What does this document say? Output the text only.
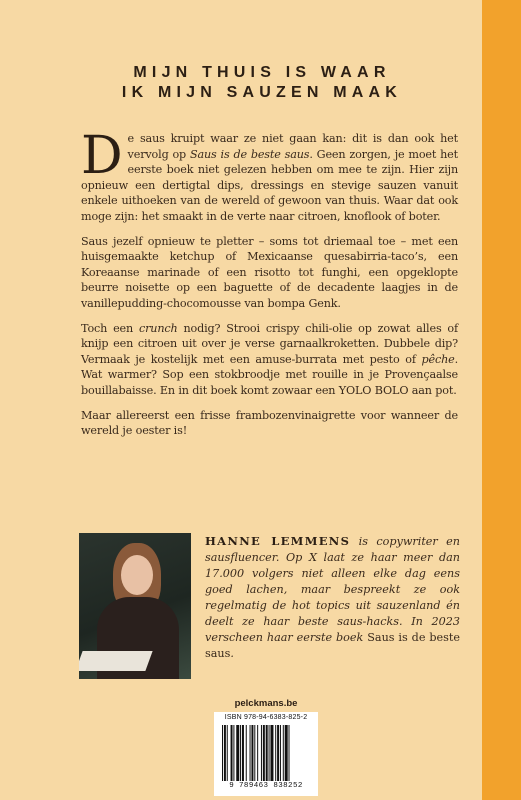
MIJN THUIS IS WAAR
IK MIJN SAUZEN MAAK

De saus kruipt waar ze niet gaan kan: dit is dan ook het vervolg op Saus is de beste saus. Geen zorgen, je moet het eerste boek niet gelezen hebben om mee te zijn. Hier zijn opnieuw een dertigtal dips, dressings en stevige sauzen vanuit enkele uithoeken van de wereld of gewoon van thuis. Waar dat ook moge zijn: het smaakt in de verte naar citroen, knoflook of boter.

Saus jezelf opnieuw te pletter – soms tot driemaal toe – met een huisgemaakte ketchup of Mexicaanse quesabirria-taco’s, een Koreaanse marinade of een risotto tot funghi, een opgeklopte beurre noisette op een baguette of de decadente laagjes in de vanillepudding-chocomousse van bompa Genk.

Toch een crunch nodig? Strooi crispy chili-olie op zowat alles of knijp een citroen uit over je verse garnaalkroketten. Dubbele dip? Vermaak je kostelijk met een amuse-burrata met pesto of pêche. Wat warmer? Sop een stokbroodje met rouille in je Provençaalse bouillabaisse. En in dit boek komt zowaar een YOLO BOLO aan pot.

Maar allereerst een frisse frambozenvinaigrette voor wanneer de wereld je oester is!

HANNE LEMMENS is copywriter en sausfluencer. Op X laat ze haar meer dan 17.000 volgers niet alleen elke dag eens goed lachen, maar bespreekt ze ook regelmatig de hot topics uit sauzenland én deelt ze haar beste saus-hacks. In 2023 verscheen haar eerste boek Saus is de beste saus.
pelckmans.be
ISBN 978-94-6383-825-2
9 789463 838252
